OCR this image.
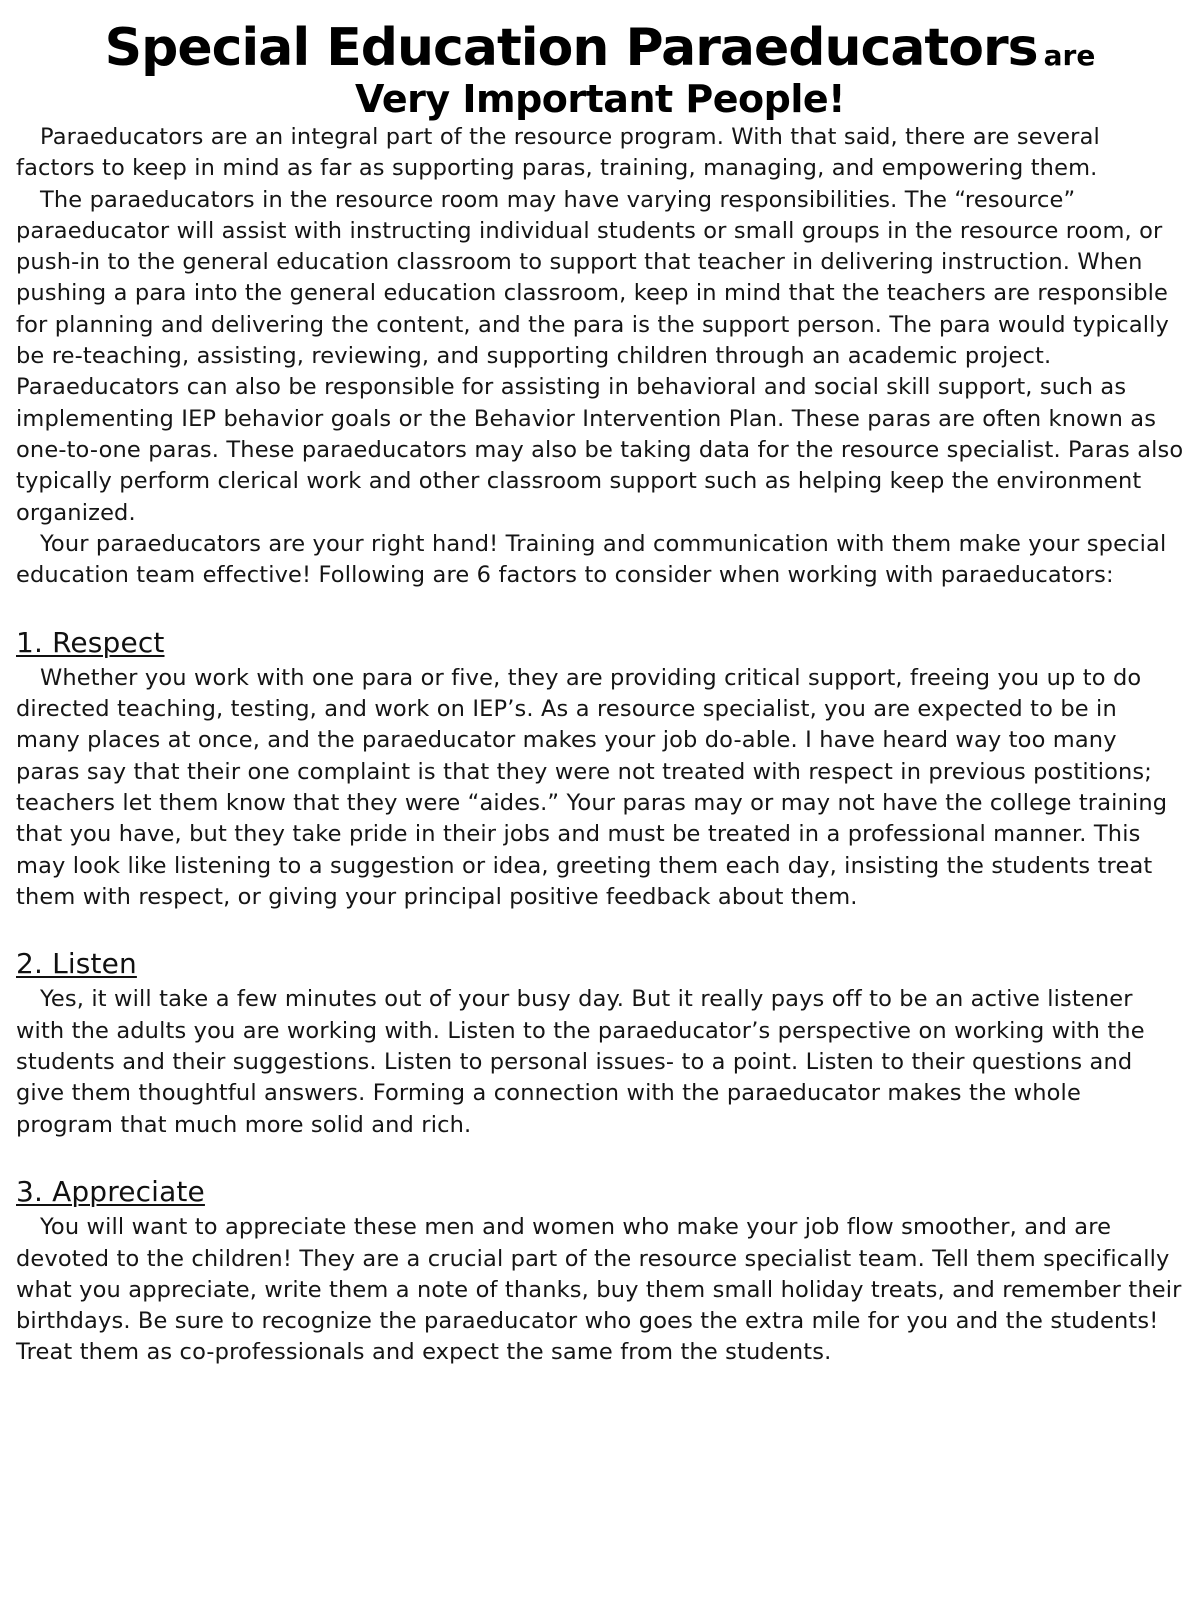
Special Education Paraeducators are
Very Important People!

Paraeducators are an integral part of the resource program. With that said, there are several factors to keep in mind as far as supporting paras, training, managing, and empowering them.

The paraeducators in the resource room may have varying responsibilities. The “resource” paraeducator will assist with instructing individual students or small groups in the resource room, or push-in to the general education classroom to support that teacher in delivering instruction. When pushing a para into the general education classroom, keep in mind that the teachers are responsible for planning and delivering the content, and the para is the support person. The para would typically be re-teaching, assisting, reviewing, and supporting children through an academic project. Paraeducators can also be responsible for assisting in behavioral and social skill support, such as implementing IEP behavior goals or the Behavior Intervention Plan. These paras are often known as one-to-one paras. These paraeducators may also be taking data for the resource specialist. Paras also typically perform clerical work and other classroom support such as helping keep the environment organized.

Your paraeducators are your right hand! Training and communication with them make your special education team effective! Following are 6 factors to consider when working with paraeducators:

1. Respect

Whether you work with one para or five, they are providing critical support, freeing you up to do directed teaching, testing, and work on IEP’s. As a resource specialist, you are expected to be in many places at once, and the paraeducator makes your job do-able. I have heard way too many paras say that their one complaint is that they were not treated with respect in previous postitions; teachers let them know that they were “aides.” Your paras may or may not have the college training that you have, but they take pride in their jobs and must be treated in a professional manner. This may look like listening to a suggestion or idea, greeting them each day, insisting the students treat them with respect, or giving your principal positive feedback about them.

2. Listen

Yes, it will take a few minutes out of your busy day. But it really pays off to be an active listener with the adults you are working with. Listen to the paraeducator’s perspective on working with the students and their suggestions. Listen to personal issues- to a point. Listen to their questions and give them thoughtful answers. Forming a connection with the paraeducator makes the whole program that much more solid and rich.

3. Appreciate

You will want to appreciate these men and women who make your job flow smoother, and are devoted to the children! They are a crucial part of the resource specialist team. Tell them specifically what you appreciate, write them a note of thanks, buy them small holiday treats, and remember their birthdays. Be sure to recognize the paraeducator who goes the extra mile for you and the students! Treat them as co-professionals and expect the same from the students.
